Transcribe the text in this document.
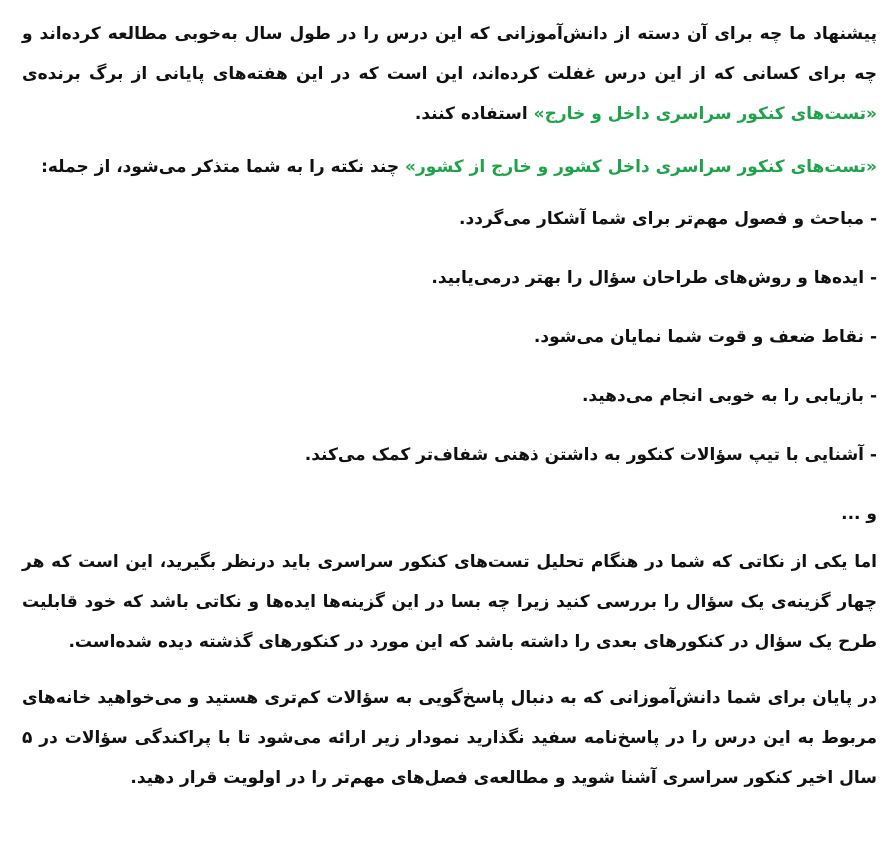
پیشنهاد ما چه برای آن دسته از دانش‌آموزانی که این درس را در طول سال به‌خوبی مطالعه کرده‌اند و چه برای کسانی که از این درس غفلت کرده‌اند، این است که در این هفته‌های پایانی از برگ برنده‌ی «تست‌های کنکور سراسری داخل و خارج» استفاده کنند.

«تست‌های کنکور سراسری داخل کشور و خارج از کشور» چند نکته را به شما متذکر می‌شود، از جمله:

- مباحث و فصول مهم‌تر برای شما آشکار می‌گردد.

- ایده‌ها و روش‌های طراحان سؤال را بهتر درمی‌یابید.

- نقاط ضعف و قوت شما نمایان می‌شود.

- بازیابی را به خوبی انجام می‌دهید.

- آشنایی با تیپ سؤالات کنکور به داشتن ذهنی شفاف‌تر کمک می‌کند.

و ...

اما یکی از نکاتی که شما در هنگام تحلیل تست‌های کنکور سراسری باید درنظر بگیرید، این است که هر چهار گزینه‌ی یک سؤال را بررسی کنید زیرا چه بسا در این گزینه‌ها ایده‌ها و نکاتی باشد که خود قابلیت طرح یک سؤال در کنکورهای بعدی را داشته باشد که این مورد در کنکورهای گذشته دیده شده‌است.

در پایان برای شما دانش‌آموزانی که به دنبال پاسخ‌گویی به سؤالات کم‌تری هستید و می‌خواهید خانه‌های مربوط به این درس را در پاسخ‌نامه سفید نگذارید نمودار زیر ارائه می‌شود تا با پراکندگی سؤالات در ۵ سال اخیر کنکور سراسری آشنا شوید و مطالعه‌ی فصل‌های مهم‌تر را در اولویت قرار دهید.
